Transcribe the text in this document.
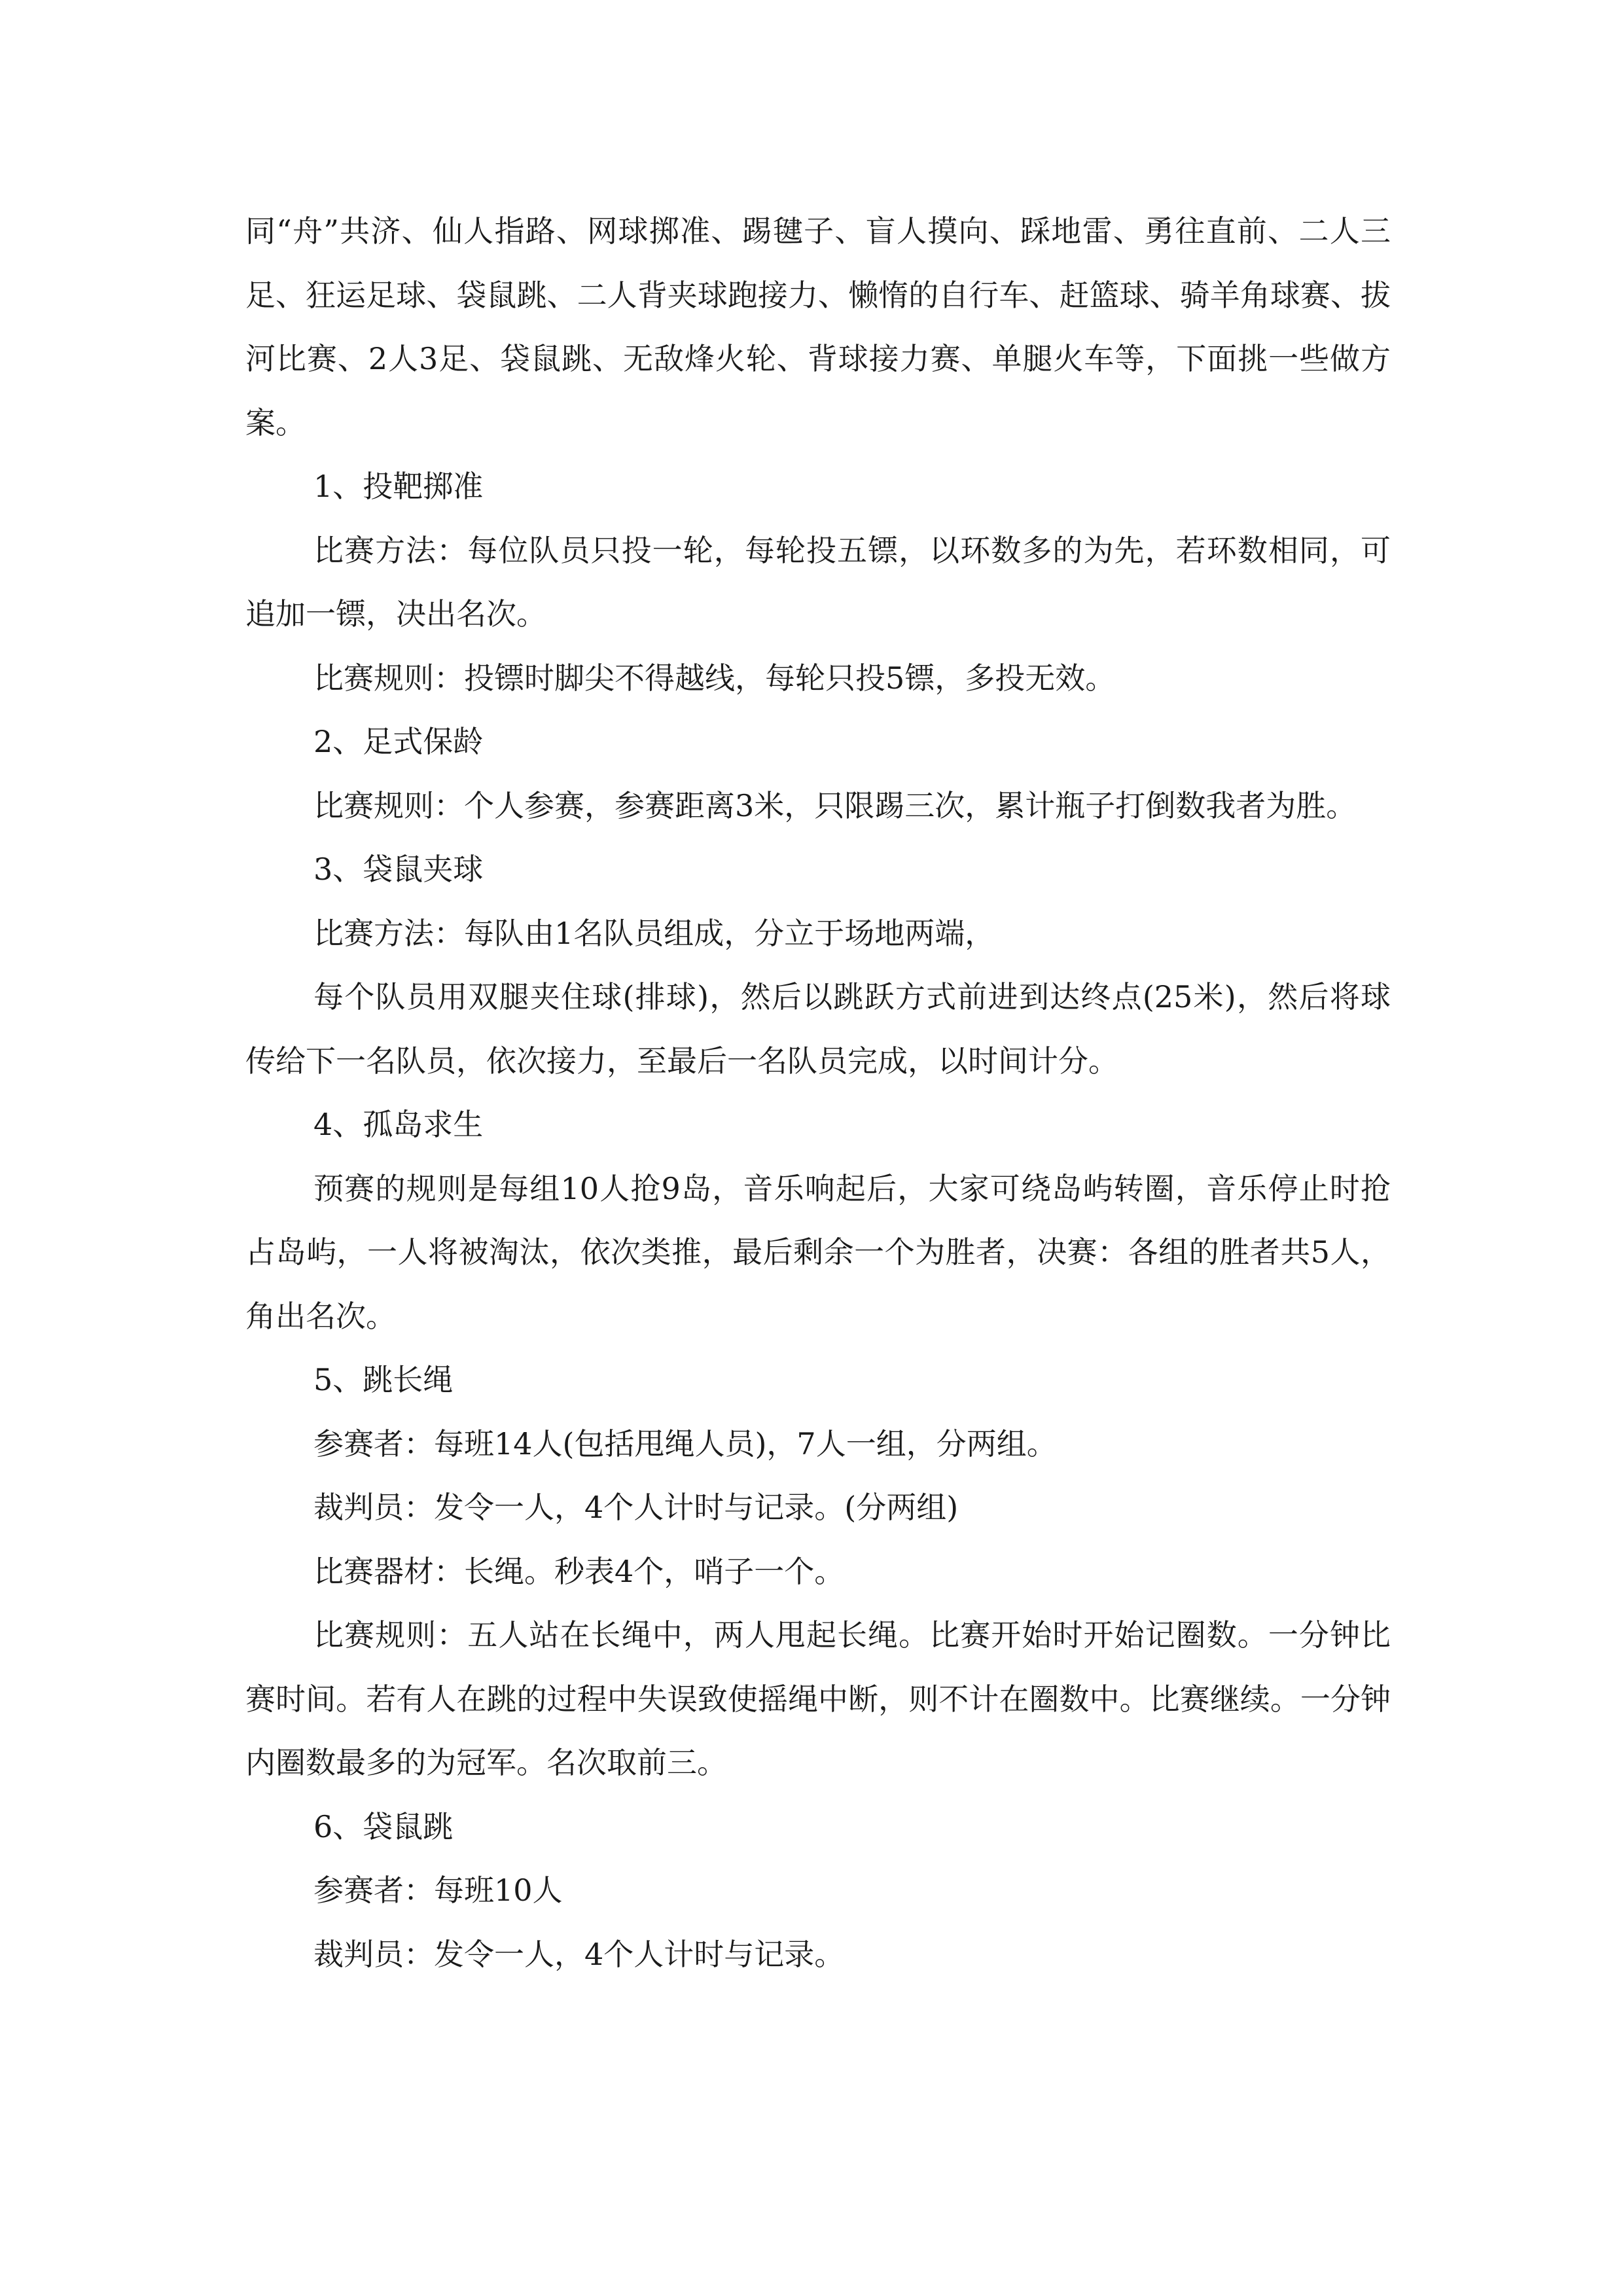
同“舟”共济、仙人指路、网球掷准、踢毽子、盲人摸向、踩地雷、勇往直前、二人三足、狂运足球、袋鼠跳、二人背夹球跑接力、懒惰的自行车、赶篮球、骑羊角球赛、拔河比赛、2人3足、袋鼠跳、无敌烽火轮、背球接力赛、单腿火车等，下面挑一些做方案。

1、投靶掷准

比赛方法：每位队员只投一轮，每轮投五镖，以环数多的为先，若环数相同，可追加一镖，决出名次。

比赛规则：投镖时脚尖不得越线，每轮只投5镖，多投无效。

2、足式保龄

比赛规则：个人参赛，参赛距离3米，只限踢三次，累计瓶子打倒数我者为胜。

3、袋鼠夹球

比赛方法：每队由1名队员组成，分立于场地两端，

每个队员用双腿夹住球(排球)，然后以跳跃方式前进到达终点(25米)，然后将球传给下一名队员，依次接力，至最后一名队员完成，以时间计分。

4、孤岛求生

预赛的规则是每组10人抢9岛，音乐响起后，大家可绕岛屿转圈，音乐停止时抢占岛屿，一人将被淘汰，依次类推，最后剩余一个为胜者，决赛：各组的胜者共5人，角出名次。

5、跳长绳

参赛者：每班14人(包括甩绳人员)，7人一组，分两组。

裁判员：发令一人，4个人计时与记录。(分两组)

比赛器材：长绳。秒表4个，哨子一个。

比赛规则：五人站在长绳中，两人甩起长绳。比赛开始时开始记圈数。一分钟比赛时间。若有人在跳的过程中失误致使摇绳中断，则不计在圈数中。比赛继续。一分钟内圈数最多的为冠军。名次取前三。

6、袋鼠跳

参赛者：每班10人

裁判员：发令一人，4个人计时与记录。
